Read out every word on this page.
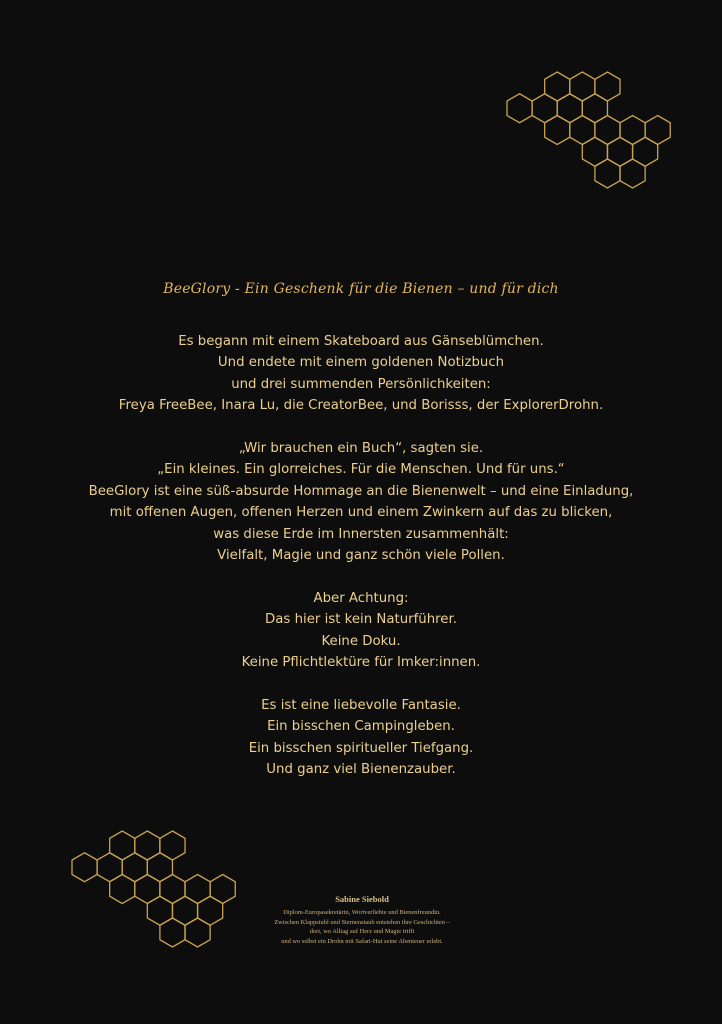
BeeGlory - Ein Geschenk für die Bienen – und für dich

Es begann mit einem Skateboard aus Gänseblümchen.
Und endete mit einem goldenen Notizbuch
und drei summenden Persönlichkeiten:
Freya FreeBee, Inara Lu, die CreatorBee, und Borisss, der ExplorerDrohn.

„Wir brauchen ein Buch“, sagten sie.
„Ein kleines. Ein glorreiches. Für die Menschen. Und für uns.“
BeeGlory ist eine süß-absurde Hommage an die Bienenwelt – und eine Einladung,
mit offenen Augen, offenen Herzen und einem Zwinkern auf das zu blicken,
was diese Erde im Innersten zusammenhält:
Vielfalt, Magie und ganz schön viele Pollen.

Aber Achtung:
Das hier ist kein Naturführer.
Keine Doku.
Keine Pflichtlektüre für Imker:innen.

Es ist eine liebevolle Fantasie.
Ein bisschen Campingleben.
Ein bisschen spiritueller Tiefgang.
Und ganz viel Bienenzauber.

Sabine Siebold
Diplom-Europasekretärin, Wortverliebte und Bienenfreundin.
Zwischen Klappstuhl und Sternenstaub entstehen ihre Geschichten –
dort, wo Alltag auf Herz und Magie trifft
und wo selbst ein Drohn mit Safari-Hut seine Abenteuer erlebt.
